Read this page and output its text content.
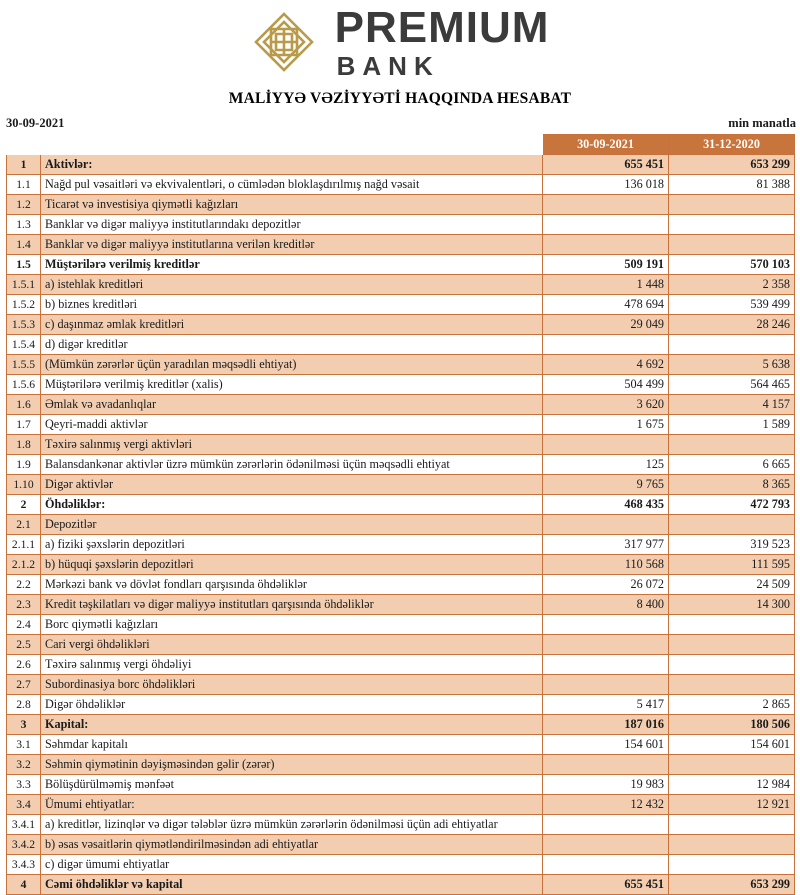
PREMIUM
BANK
MALİYYƏ VƏZİYYƏTİ HAQQINDA HESABAT
30-09-2021	min manatla
		30-09-2021	31-12-2020
1	Aktivlər:	655 451	653 299
1.1	Nağd pul vəsaitləri və ekvivalentləri, o cümlədən bloklaşdırılmış nağd vəsait	136 018	81 388
1.2	Ticarət və investisiya qiymətli kağızları		
1.3	Banklar və digər maliyyə institutlarındakı depozitlər		
1.4	Banklar və digər maliyyə institutlarına verilən kreditlər		
1.5	Müştərilərə verilmiş kreditlər	509 191	570 103
1.5.1	a) istehlak kreditləri	1 448	2 358
1.5.2	b) biznes kreditləri	478 694	539 499
1.5.3	c) daşınmaz əmlak kreditləri	29 049	28 246
1.5.4	d) digər kreditlər		
1.5.5	(Mümkün zərərlər üçün yaradılan məqsədli ehtiyat)	4 692	5 638
1.5.6	Müştərilərə verilmiş kreditlər (xalis)	504 499	564 465
1.6	Əmlak və avadanlıqlar	3 620	4 157
1.7	Qeyri-maddi aktivlər	1 675	1 589
1.8	Təxirə salınmış vergi aktivləri		
1.9	Balansdankənar aktivlər üzrə mümkün zərərlərin ödənilməsi üçün məqsədli ehtiyat	125	6 665
1.10	Digər aktivlər	9 765	8 365
2	Öhdəliklər:	468 435	472 793
2.1	Depozitlər		
2.1.1	a) fiziki şəxslərin depozitləri	317 977	319 523
2.1.2	b) hüquqi şəxslərin depozitləri	110 568	111 595
2.2	Mərkəzi bank və dövlət fondları qarşısında öhdəliklər	26 072	24 509
2.3	Kredit təşkilatları və digər maliyyə institutları qarşısında öhdəliklər	8 400	14 300
2.4	Borc qiymətli kağızları		
2.5	Cari vergi öhdəlikləri		
2.6	Təxirə salınmış vergi öhdəliyi		
2.7	Subordinasiya borc öhdəlikləri		
2.8	Digər öhdəliklər	5 417	2 865
3	Kapital:	187 016	180 506
3.1	Səhmdar kapitalı	154 601	154 601
3.2	Səhmin qiymətinin dəyişməsindən gəlir (zərər)		
3.3	Bölüşdürülməmiş mənfəət	19 983	12 984
3.4	Ümumi ehtiyatlar:	12 432	12 921
3.4.1	a) kreditlər, lizinqlər və digər tələblər üzrə mümkün zərərlərin ödənilməsi üçün adi ehtiyatlar		
3.4.2	b) əsas vəsaitlərin qiymətləndirilməsindən adi ehtiyatlar		
3.4.3	c) digər ümumi ehtiyatlar		
4	Cəmi öhdəliklər və kapital	655 451	653 299
